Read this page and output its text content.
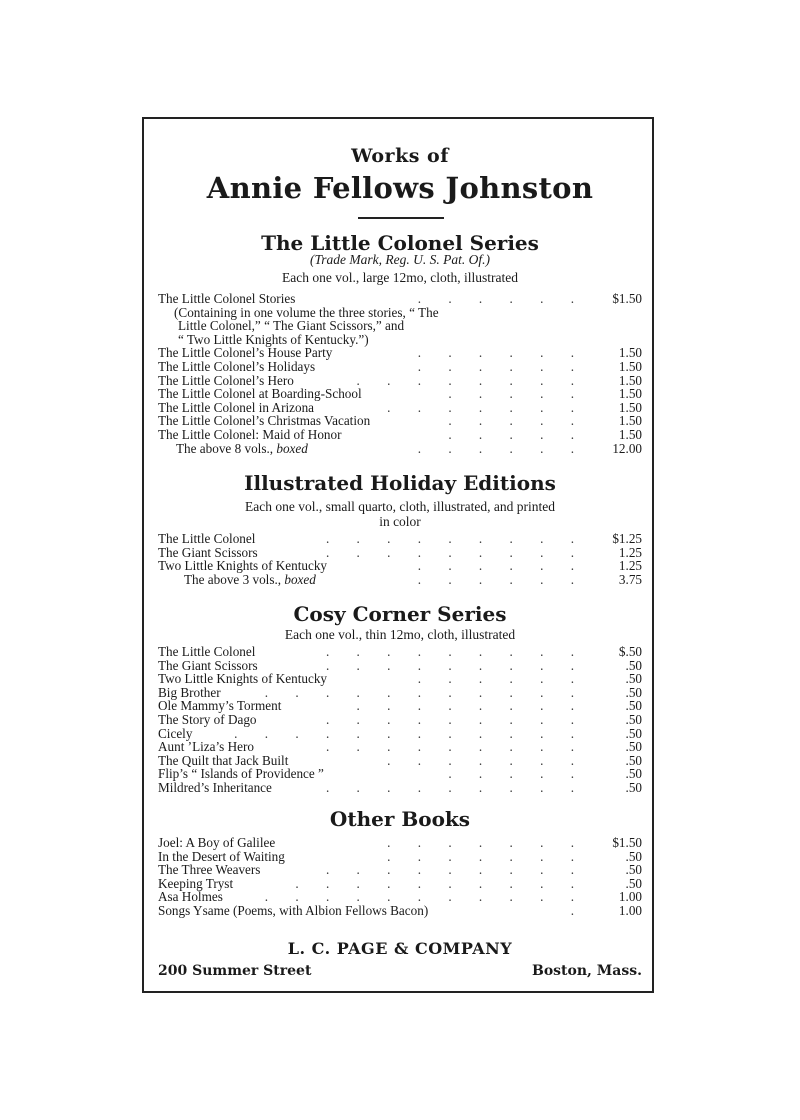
Works of
Annie Fellows Johnston
The Little Colonel Series
(Trade Mark, Reg. U. S. Pat. Of.)
Each one vol., large 12mo, cloth, illustrated
The Little Colonel Stories	. . . . . .	$1.50
(Containing in one volume the three stories, “ The
Little Colonel,” “ The Giant Scissors,” and
“ Two Little Knights of Kentucky.”)
The Little Colonel’s House Party	. . . . . .	1.50
The Little Colonel’s Holidays	. . . . . .	1.50
The Little Colonel’s Hero	. . . . . . . .	1.50
The Little Colonel at Boarding-School	. . . . .	1.50
The Little Colonel in Arizona	. . . . . . .	1.50
The Little Colonel’s Christmas Vacation	. . . . .	1.50
The Little Colonel: Maid of Honor	. . . . .	1.50
The above 8 vols., boxed	. . . . . .	12.00
Illustrated Holiday Editions
Each one vol., small quarto, cloth, illustrated, and printed
in color
The Little Colonel	. . . . . . . . .	$1.25
The Giant Scissors	. . . . . . . . .	1.25
Two Little Knights of Kentucky	. . . . . .	1.25
The above 3 vols., boxed	. . . . . .	3.75
Cosy Corner Series
Each one vol., thin 12mo, cloth, illustrated
The Little Colonel	. . . . . . . . .	$.50
The Giant Scissors	. . . . . . . . .	.50
Two Little Knights of Kentucky	. . . . . .	.50
Big Brother	. . . . . . . . . . .	.50
Ole Mammy’s Torment	. . . . . . . .	.50
The Story of Dago	. . . . . . . . .	.50
Cicely	. . . . . . . . . . . .	.50
Aunt ’Liza’s Hero	. . . . . . . . .	.50
The Quilt that Jack Built	. . . . . . .	.50
Flip’s “ Islands of Providence ”	. . . . .	.50
Mildred’s Inheritance	. . . . . . . . .	.50
Other Books
Joel: A Boy of Galilee	. . . . . . .	$1.50
In the Desert of Waiting	. . . . . . .	.50
The Three Weavers	. . . . . . . . .	.50
Keeping Tryst	. . . . . . . . . .	.50
Asa Holmes	. . . . . . . . . . .	1.00
Songs Ysame (Poems, with Albion Fellows Bacon)	.	1.00
L. C. PAGE & COMPANY
200 Summer Street	Boston, Mass.
